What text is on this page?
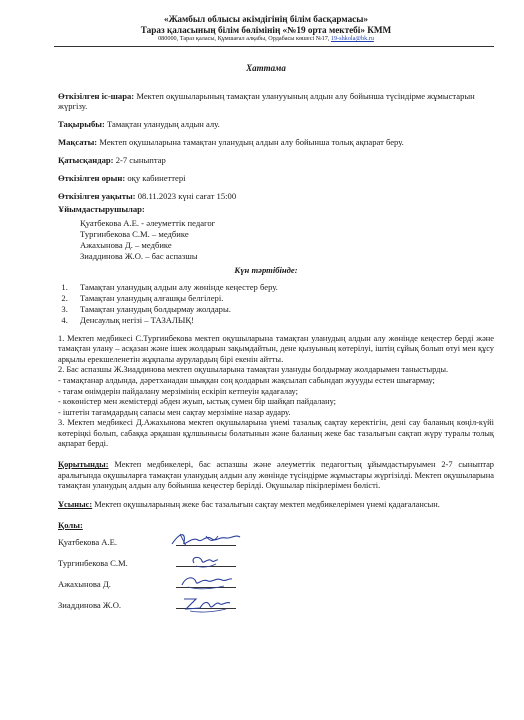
«Жамбыл облысы әкімдігінің білім басқармасы»
Тараз қаласының білім бөлімінің «№19 орта мектебі» КММ
080000, Тараз қаласы, Құмшағал алқабы, Ордабасы көшесі №17, 19-shkola@bk.ru
Хаттама
Өткізілген іс-шара: Мектеп оқушыларының тамақтан уланyуының алдын алу бойынша түсіндірме жұмыстарын жүргізу.
Тақырыбы: Тамақтан уланудың алдын алу.
Мақсаты: Мектеп оқушыларына тамақтан уланудың алдын алу бойынша толық ақпарат беру.
Қатысқандар: 2-7 сыныптар
Өткізілген орын: оқу кабинеттері
Өткізілген уақыты: 08.11.2023 күні сағат 15:00
Ұйымдастырушылар:
Қуатбекова А.Е. - әлеуметтік педагог
Тургинбекова С.М. – медбике
Ажахынова Д. – медбике
Зиаддинова Ж.О. – бас аспазшы
Күн тәртібінде:
1. Тамақтан уланудың алдын алу жөнінде кеңестер беру.
2. Тамақтан уланудың алғашқы белгілері.
3. Тамақтан уланудың болдырмау жолдары.
4. Денсаулық негізі – ТАЗАЛЫҚ!

1. Мектеп медбикесі С.Тургинбекова мектеп оқушыларына тамақтан уланудың алдын алу жөнінде кеңестер берді және тамақтан улану – асқазан және ішек жолдарын зақымдайтын, дене қызуының көтерілуі, іштің сұйық болып өтуі мен құсу арқылы ерекшеленетін жұқпалы аурулардың бірі екенін айтты.

2. Бас аспазшы Ж.Зиаддинова мектеп оқушыларына тамақтан улануды болдырмау жолдарымен таныстырды.

- тамақтанар алдында, дәретханадан шыққан соң қолдарын жақсылап сабындап жуууды естен шығармау;

- тағам өнімдерін пайдалану мерзімінің ескіріп кетпеуін қадағалау;

- көкөністер мен жемістерді әбден жуып, ыстық сумен бір шайқап пайдалану;

- іштетін тағамдардың сапасы мен сақтау мерзіміне назар аудару.

3. Мектеп медбикесі Д.Ажахынова мектеп оқушыларына үнемі тазалық сақтау керектігін, дені сау баланың көңіл-күйі көтеріңкі болып, сабаққа әрқашан құлшынысы болатынын және баланың жеке бас тазалығын сақтап жүру туралы толық ақпарат берді.

Қорытынды: Мектеп медбикелері, бас аспазшы және әлеуметтік педагогтың ұйымдастыруымен 2-7 сыныптар аралығында оқушыларға тамақтан уланудың алдын алу жөнінде түсіндірме жұмыстары жүргізілді. Мектеп оқушыларына тамақтан уланудың алдын алу бойынша кеңестер берілді. Оқушылар пікірлерімен бөлісті.

Ұсыныс: Мектеп оқушыларының жеке бас тазалығын сақтау мектеп медбикелерімен үнемі қадағалансын.

Қолы:
Қуатбекова А.Е.
Тургинбекова С.М.
Ажахынова Д.
Зиаддинова Ж.О.
